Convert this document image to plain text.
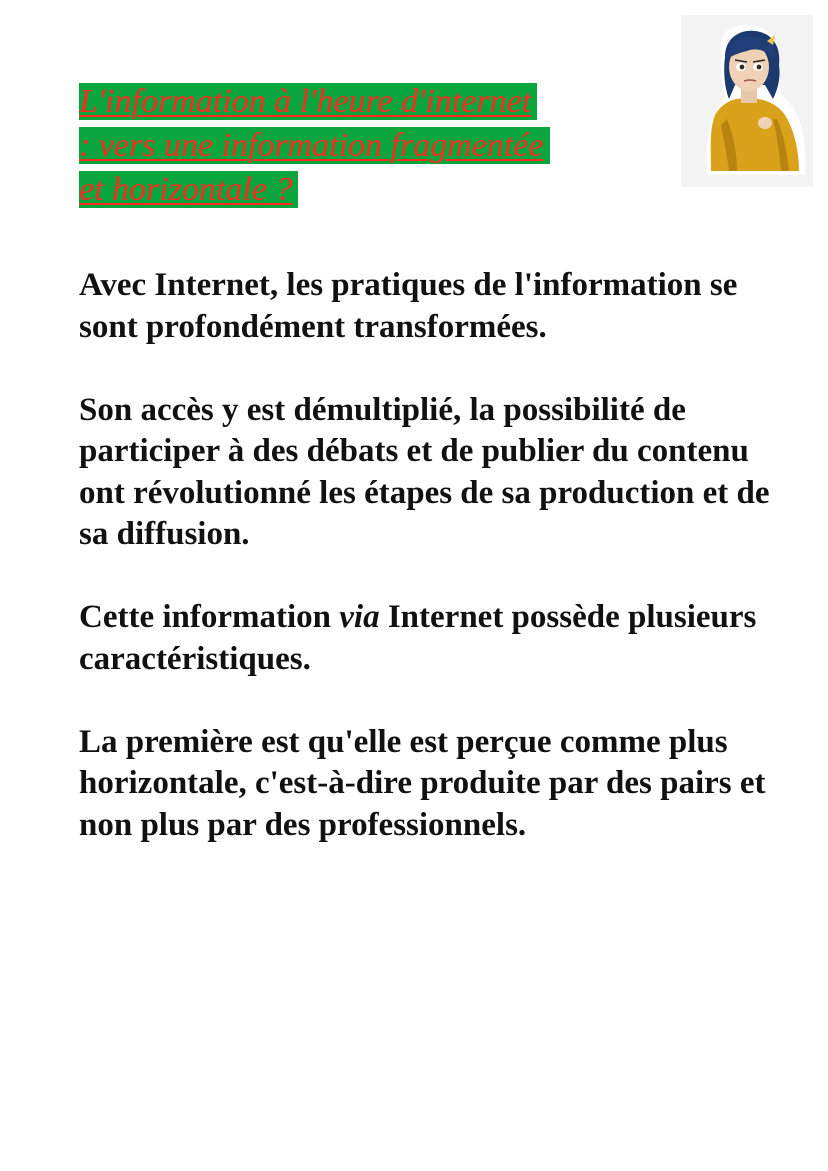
L'information à l'heure d'internet
: vers une information fragmentée
et horizontale ?

Avec Internet, les pratiques de l'information se sont profondément transformées.

Son accès y est démultiplié, la possibilité de participer à des débats et de publier du contenu ont révolutionné les étapes de sa production et de sa diffusion.

Cette information via Internet possède plusieurs caractéristiques.

La première est qu'elle est perçue comme plus horizontale, c'est-à-dire produite par des pairs et non plus par des professionnels.
